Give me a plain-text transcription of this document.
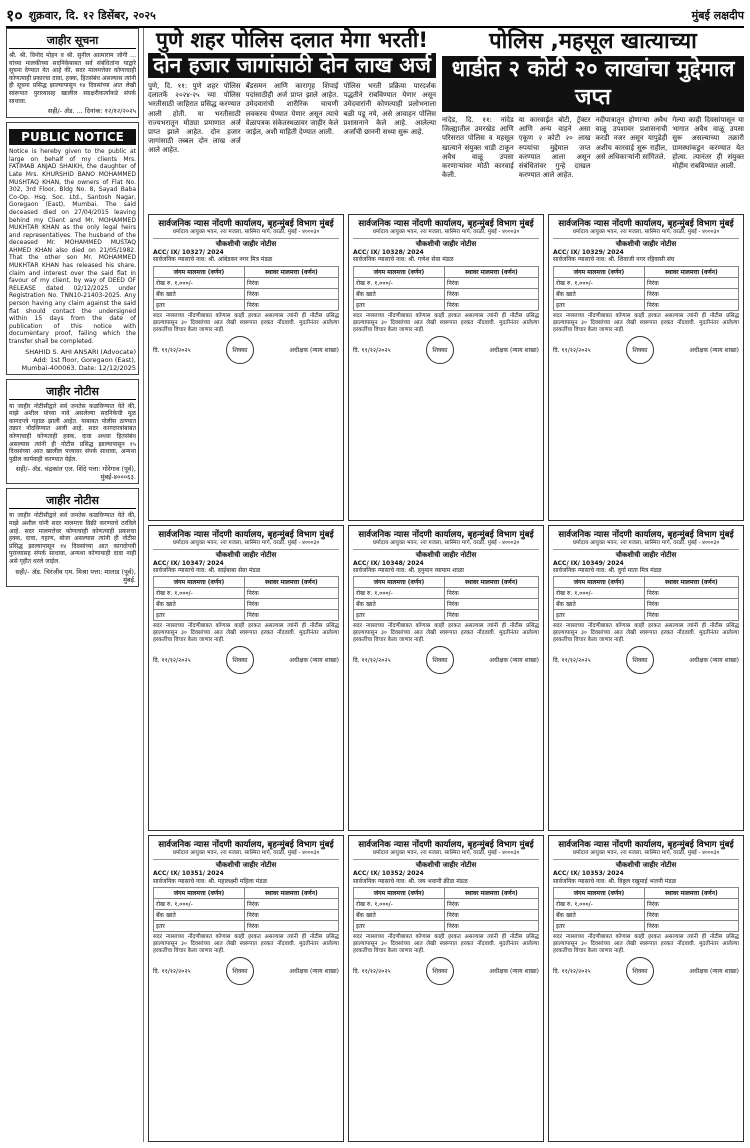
१० शुक्रवार, दि. १२ डिसेंबर, २०२५	मुंबई लक्षदीप
जाहीर सूचना
श्री. श्री. विनोद मोहन व श्री. सुनील आत्माराम जोगी ... यांच्या मालकीच्या सदनिकेबाबत सर्व संबंधितांना याद्वारे सूचना देण्यात येत आहे की, सदर मालमत्तेवर कोणाचाही कोणत्याही प्रकारचा दावा, हक्क, हितसंबंध असल्यास त्यांनी ही सूचना प्रसिद्ध झाल्यापासून १४ दिवसांच्या आत लेखी स्वरूपात पुराव्यासह खालील स्वाक्षरीकर्त्यांकडे संपर्क साधावा.
सही/- ॲड. ... दिनांक: १२/१२/२०२५
PUBLIC NOTICE
Notice is hereby given to the public at large on behalf of my clients Mrs. FATIMAB ANJAD SHAIKH, the daughter of Late Mrs. KHURSHID BANO MOHAMMED MUSHTAQ KHAN, the owners of Flat No. 302, 3rd Floor, Bldg No. 8, Sayad Baba Co-Op. Hsg. Soc. Ltd., Santosh Nagar, Goregaon (East), Mumbai. The said deceased died on 27/04/2015 leaving behind my Client and Mr. MOHAMMED MUKHTAR KHAN as the only legal heirs and representatives. The husband of the deceased Mr. MOHAMMED MUSTAQ AHMED KHAN also died on 21/05/1982. That the other son Mr. MOHAMMED MUKHTAR KHAN has released his share, claim and interest over the said flat in favour of my client, by way of DEED OF RELEASE dated 02/12/2025 under Registration No. TNN10-21403-2025. Any person having any claim against the said flat should contact the undersigned within 15 days from the date of publication of this notice with documentary proof, failing which the transfer shall be completed.
SHAHID S. AHI ANSARI (Advocate) Add: 1st floor, Goregaon (East), Mumbai-400063. Date: 12/12/2025
जाहीर नोटीस
या जाहीर नोटीसीद्वारे सर्व जनतेस कळविण्यात येते की, माझे अशील यांच्या नावे असलेल्या सदनिकेची मूळ कागदपत्रे गहाळ झाली आहेत. याबाबत पोलीस ठाण्यात तक्रार नोंदविण्यात आली आहे. सदर कागदपत्रांबाबत कोणाचाही कोणताही हक्क, दावा अथवा हितसंबंध असल्यास त्यांनी ही नोटीस प्रसिद्ध झाल्यापासून १५ दिवसांच्या आत खालील पत्त्यावर संपर्क साधावा, अन्यथा पुढील कार्यवाही करण्यात येईल.
सही/- ॲड. चंद्रकांत एल. शिंदे पत्ता: गोरेगाव (पूर्व), मुंबई-४०००६३.
जाहीर नोटीस
या जाहीर नोटीसीद्वारे सर्व जनतेस कळविण्यात येते की, माझे अशील यांनी सदर मालमत्ता विक्री करण्याचे ठरविले आहे. सदर मालमत्तेवर कोणाचाही कोणत्याही प्रकारचा हक्क, दावा, गहाण, बोजा असल्यास त्यांनी ही नोटीस प्रसिद्ध झाल्यापासून १४ दिवसांच्या आत कागदोपत्री पुराव्यासह संपर्क साधावा, अन्यथा कोणाचाही दावा नाही असे गृहीत धरले जाईल.
सही/- ॲड. चिरंजीव एम. मिश्रा पत्ता: मालाड (पूर्व), मुंबई.
पुणे शहर पोलिस दलात मेगा भरती!
दोन हजार जागांसाठी दोन लाख अर्ज
पुणे, दि. ११: पुणे शहर पोलिस दलातर्फे २०२४-२५ च्या पोलिस भरतीसाठी जाहिरात प्रसिद्ध करण्यात आली होती. या भरतीसाठी राज्यभरातून मोठ्या प्रमाणात अर्ज प्राप्त झाले आहेत. दोन हजार जागांसाठी तब्बल दोन लाख अर्ज आले आहेत.
बँडसमन आणि कारागृह शिपाई पदांसाठीही अर्ज प्राप्त झाले आहेत. उमेदवारांची शारीरिक चाचणी लवकरच घेण्यात येणार असून त्याचे वेळापत्रक संकेतस्थळावर जाहीर केले जाईल, अशी माहिती देण्यात आली.
पोलिस भरती प्रक्रिया पारदर्शक पद्धतीने राबविण्यात येणार असून उमेदवारांनी कोणत्याही प्रलोभनाला बळी पडू नये, असे आवाहन पोलिस प्रशासनाने केले आहे. आलेल्या अर्जांची छाननी सध्या सुरू आहे.
पोलिस ,महसूल खात्याच्या
धाडीत २ कोटी २० लाखांचा मुद्देमाल जप्त
नांदेड, दि. ११: नांदेड जिल्ह्यातील उमरखेड आणि परिसरात पोलिस व महसूल खात्याने संयुक्त धाडी टाकून अवैध वाळू उपसा करणाऱ्यांवर मोठी कारवाई केली.
या कारवाईत बोटी, ट्रॅक्टर आणि अन्य वाहने असा एकूण २ कोटी २० लाख रुपयांचा मुद्देमाल जप्त करण्यात आला असून संबंधितांवर गुन्हे दाखल करण्यात आले आहेत.
नदीपात्रातून होणाऱ्या अवैध वाळू उपशावर प्रशासनाची करडी नजर असून यापुढेही अशीच कारवाई सुरू राहील, असे अधिकाऱ्यांनी सांगितले.
गेल्या काही दिवसांपासून या भागात अवैध वाळू उपसा सुरू असल्याच्या तक्रारी ग्रामस्थांकडून करण्यात येत होत्या. त्यानंतर ही संयुक्त मोहीम राबविण्यात आली.
सार्वजनिक न्यास नोंदणी कार्यालय, बृहन्मुंबई विभाग मुंबई
धर्मादाय आयुक्त भवन, २रा मजला, सास्मिरा मार्ग, वरळी, मुंबई - ४०००३०
चौकशीची जाहीर नोटीस
ACC/ IX/ 10327/ 2024
सार्वजनिक न्यासाचे नाव: श्री. आंबेडकर नगर मित्र मंडळ
जंगम मालमत्ता (वर्णन)	स्थावर मालमत्ता (वर्णन)
रोख रु. १,०००/-	निरंक
बँक खाते	निरंक
इतर	निरंक
सदर न्यासाच्या नोंदणीबाबत कोणास काही हरकत असल्यास त्यांनी ही नोटीस प्रसिद्ध झाल्यापासून ३० दिवसांच्या आत लेखी स्वरूपात हरकत नोंदवावी. मुदतीनंतर आलेल्या हरकतींचा विचार केला जाणार नाही.
दि. ११/१२/२०२५	शिक्का	अधीक्षक (न्याय शाखा)
सार्वजनिक न्यास नोंदणी कार्यालय, बृहन्मुंबई विभाग मुंबई
धर्मादाय आयुक्त भवन, २रा मजला, सास्मिरा मार्ग, वरळी, मुंबई - ४०००३०
चौकशीची जाहीर नोटीस
ACC/ IX/ 10328/ 2024
सार्वजनिक न्यासाचे नाव: श्री. गणेश सेवा मंडळ
जंगम मालमत्ता (वर्णन)	स्थावर मालमत्ता (वर्णन)
रोख रु. १,०००/-	निरंक
बँक खाते	निरंक
इतर	निरंक
सदर न्यासाच्या नोंदणीबाबत कोणास काही हरकत असल्यास त्यांनी ही नोटीस प्रसिद्ध झाल्यापासून ३० दिवसांच्या आत लेखी स्वरूपात हरकत नोंदवावी. मुदतीनंतर आलेल्या हरकतींचा विचार केला जाणार नाही.
दि. ११/१२/२०२५	शिक्का	अधीक्षक (न्याय शाखा)
सार्वजनिक न्यास नोंदणी कार्यालय, बृहन्मुंबई विभाग मुंबई
धर्मादाय आयुक्त भवन, २रा मजला, सास्मिरा मार्ग, वरळी, मुंबई - ४०००३०
चौकशीची जाहीर नोटीस
ACC/ IX/ 10329/ 2024
सार्वजनिक न्यासाचे नाव: श्री. शिवाजी नगर रहिवासी संघ
जंगम मालमत्ता (वर्णन)	स्थावर मालमत्ता (वर्णन)
रोख रु. १,०००/-	निरंक
बँक खाते	निरंक
इतर	निरंक
सदर न्यासाच्या नोंदणीबाबत कोणास काही हरकत असल्यास त्यांनी ही नोटीस प्रसिद्ध झाल्यापासून ३० दिवसांच्या आत लेखी स्वरूपात हरकत नोंदवावी. मुदतीनंतर आलेल्या हरकतींचा विचार केला जाणार नाही.
दि. ११/१२/२०२५	शिक्का	अधीक्षक (न्याय शाखा)
सार्वजनिक न्यास नोंदणी कार्यालय, बृहन्मुंबई विभाग मुंबई
धर्मादाय आयुक्त भवन, २रा मजला, सास्मिरा मार्ग, वरळी, मुंबई - ४०००३०
चौकशीची जाहीर नोटीस
ACC/ IX/ 10347/ 2024
सार्वजनिक न्यासाचे नाव: श्री. साईबाबा सेवा मंडळ
जंगम मालमत्ता (वर्णन)	स्थावर मालमत्ता (वर्णन)
रोख रु. १,०००/-	निरंक
बँक खाते	निरंक
इतर	निरंक
सदर न्यासाच्या नोंदणीबाबत कोणास काही हरकत असल्यास त्यांनी ही नोटीस प्रसिद्ध झाल्यापासून ३० दिवसांच्या आत लेखी स्वरूपात हरकत नोंदवावी. मुदतीनंतर आलेल्या हरकतींचा विचार केला जाणार नाही.
दि. ११/१२/२०२५	शिक्का	अधीक्षक (न्याय शाखा)
सार्वजनिक न्यास नोंदणी कार्यालय, बृहन्मुंबई विभाग मुंबई
धर्मादाय आयुक्त भवन, २रा मजला, सास्मिरा मार्ग, वरळी, मुंबई - ४०००३०
चौकशीची जाहीर नोटीस
ACC/ IX/ 10348/ 2024
सार्वजनिक न्यासाचे नाव: श्री. हनुमान व्यायाम शाळा
जंगम मालमत्ता (वर्णन)	स्थावर मालमत्ता (वर्णन)
रोख रु. १,०००/-	निरंक
बँक खाते	निरंक
इतर	निरंक
सदर न्यासाच्या नोंदणीबाबत कोणास काही हरकत असल्यास त्यांनी ही नोटीस प्रसिद्ध झाल्यापासून ३० दिवसांच्या आत लेखी स्वरूपात हरकत नोंदवावी. मुदतीनंतर आलेल्या हरकतींचा विचार केला जाणार नाही.
दि. ११/१२/२०२५	शिक्का	अधीक्षक (न्याय शाखा)
सार्वजनिक न्यास नोंदणी कार्यालय, बृहन्मुंबई विभाग मुंबई
धर्मादाय आयुक्त भवन, २रा मजला, सास्मिरा मार्ग, वरळी, मुंबई - ४०००३०
चौकशीची जाहीर नोटीस
ACC/ IX/ 10349/ 2024
सार्वजनिक न्यासाचे नाव: श्री. दुर्गा माता मित्र मंडळ
जंगम मालमत्ता (वर्णन)	स्थावर मालमत्ता (वर्णन)
रोख रु. १,०००/-	निरंक
बँक खाते	निरंक
इतर	निरंक
सदर न्यासाच्या नोंदणीबाबत कोणास काही हरकत असल्यास त्यांनी ही नोटीस प्रसिद्ध झाल्यापासून ३० दिवसांच्या आत लेखी स्वरूपात हरकत नोंदवावी. मुदतीनंतर आलेल्या हरकतींचा विचार केला जाणार नाही.
दि. ११/१२/२०२५	शिक्का	अधीक्षक (न्याय शाखा)
सार्वजनिक न्यास नोंदणी कार्यालय, बृहन्मुंबई विभाग मुंबई
धर्मादाय आयुक्त भवन, २रा मजला, सास्मिरा मार्ग, वरळी, मुंबई - ४०००३०
चौकशीची जाहीर नोटीस
ACC/ IX/ 10351/ 2024
सार्वजनिक न्यासाचे नाव: श्री. महालक्ष्मी महिला मंडळ
जंगम मालमत्ता (वर्णन)	स्थावर मालमत्ता (वर्णन)
रोख रु. १,०००/-	निरंक
बँक खाते	निरंक
इतर	निरंक
सदर न्यासाच्या नोंदणीबाबत कोणास काही हरकत असल्यास त्यांनी ही नोटीस प्रसिद्ध झाल्यापासून ३० दिवसांच्या आत लेखी स्वरूपात हरकत नोंदवावी. मुदतीनंतर आलेल्या हरकतींचा विचार केला जाणार नाही.
दि. ११/१२/२०२५	शिक्का	अधीक्षक (न्याय शाखा)
सार्वजनिक न्यास नोंदणी कार्यालय, बृहन्मुंबई विभाग मुंबई
धर्मादाय आयुक्त भवन, २रा मजला, सास्मिरा मार्ग, वरळी, मुंबई - ४०००३०
चौकशीची जाहीर नोटीस
ACC/ IX/ 10352/ 2024
सार्वजनिक न्यासाचे नाव: श्री. जय भवानी क्रीडा मंडळ
जंगम मालमत्ता (वर्णन)	स्थावर मालमत्ता (वर्णन)
रोख रु. १,०००/-	निरंक
बँक खाते	निरंक
इतर	निरंक
सदर न्यासाच्या नोंदणीबाबत कोणास काही हरकत असल्यास त्यांनी ही नोटीस प्रसिद्ध झाल्यापासून ३० दिवसांच्या आत लेखी स्वरूपात हरकत नोंदवावी. मुदतीनंतर आलेल्या हरकतींचा विचार केला जाणार नाही.
दि. ११/१२/२०२५	शिक्का	अधीक्षक (न्याय शाखा)
सार्वजनिक न्यास नोंदणी कार्यालय, बृहन्मुंबई विभाग मुंबई
धर्मादाय आयुक्त भवन, २रा मजला, सास्मिरा मार्ग, वरळी, मुंबई - ४०००३०
चौकशीची जाहीर नोटीस
ACC/ IX/ 10353/ 2024
सार्वजनिक न्यासाचे नाव: श्री. विठ्ठल रखुमाई भजनी मंडळ
जंगम मालमत्ता (वर्णन)	स्थावर मालमत्ता (वर्णन)
रोख रु. १,०००/-	निरंक
बँक खाते	निरंक
इतर	निरंक
सदर न्यासाच्या नोंदणीबाबत कोणास काही हरकत असल्यास त्यांनी ही नोटीस प्रसिद्ध झाल्यापासून ३० दिवसांच्या आत लेखी स्वरूपात हरकत नोंदवावी. मुदतीनंतर आलेल्या हरकतींचा विचार केला जाणार नाही.
दि. ११/१२/२०२५	शिक्का	अधीक्षक (न्याय शाखा)
